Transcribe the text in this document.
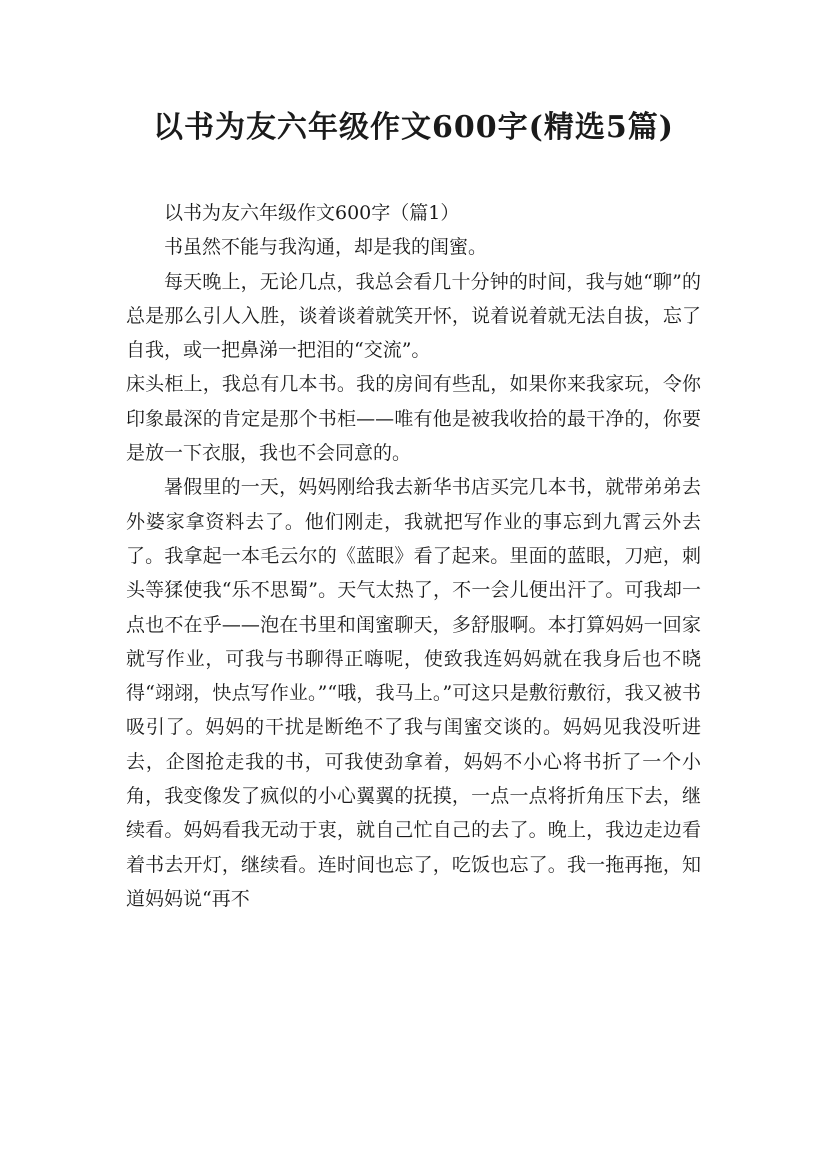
以书为友六年级作文600字(精选5篇)

以书为友六年级作文600字（篇1）

书虽然不能与我沟通，却是我的闺蜜。

每天晚上，无论几点，我总会看几十分钟的时间，我与她“聊”的总是那么引人入胜，谈着谈着就笑开怀，说着说着就无法自拔，忘了自我，或一把鼻涕一把泪的“交流”。

床头柜上，我总有几本书。我的房间有些乱，如果你来我家玩，令你印象最深的肯定是那个书柜——唯有他是被我收拾的最干净的，你要是放一下衣服，我也不会同意的。

暑假里的一天，妈妈刚给我去新华书店买完几本书，就带弟弟去外婆家拿资料去了。他们刚走，我就把写作业的事忘到九霄云外去了。我拿起一本毛云尔的《蓝眼》看了起来。里面的蓝眼，刀疤，刺头等猱使我“乐不思蜀”。天气太热了，不一会儿便出汗了。可我却一点也不在乎——泡在书里和闺蜜聊天，多舒服啊。本打算妈妈一回家就写作业，可我与书聊得正嗨呢，使致我连妈妈就在我身后也不晓得“翊翊，快点写作业。”“哦，我马上。”可这只是敷衍敷衍，我又被书吸引了。妈妈的干扰是断绝不了我与闺蜜交谈的。妈妈见我没听进去，企图抢走我的书，可我使劲拿着，妈妈不小心将书折了一个小角，我变像发了疯似的小心翼翼的抚摸，一点一点将折角压下去，继续看。妈妈看我无动于衷，就自己忙自己的去了。晚上，我边走边看着书去开灯，继续看。连时间也忘了，吃饭也忘了。我一拖再拖，知道妈妈说“再不
